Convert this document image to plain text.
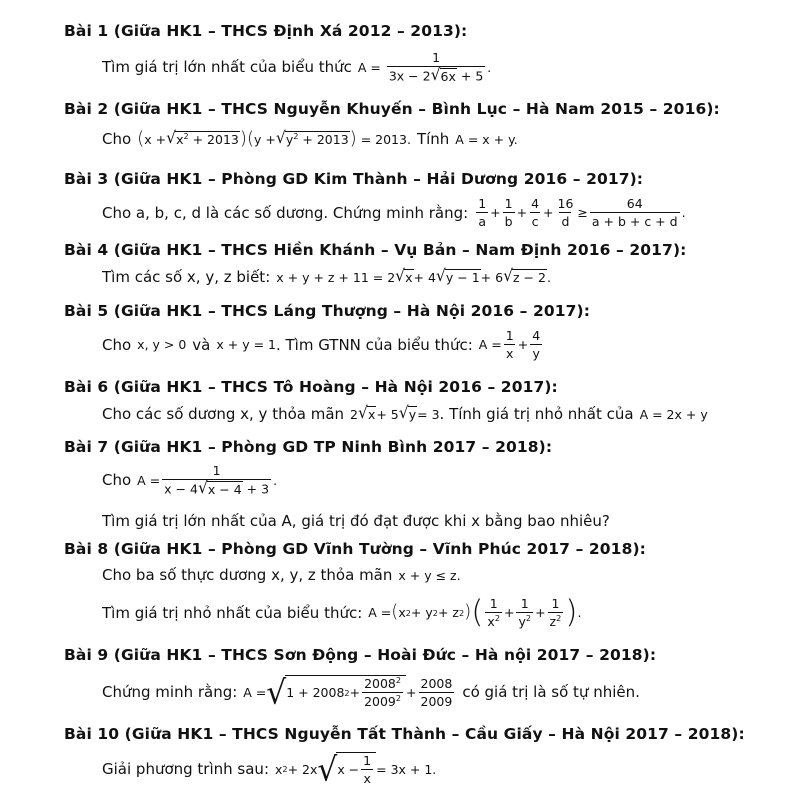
Bài 1 (Giữa HK1 – THCS Định Xá 2012 – 2013):
Tìm giá trị lớn nhất của biểu thức $A = \frac{1}{3x - 2 √ 6x + 5}$ .
Bài 2 (Giữa HK1 – THCS Nguyễn Khuyến – Bình Lục – Hà Nam 2015 – 2016):
Cho ( x + √ $x^2 + 2013$ ) ( y + √ $y^2 + 2013$ ) = 2013. Tính A = x + y.
Bài 3 (Giữa HK1 – Phòng GD Kim Thành – Hải Dương 2016 – 2017):
Cho a, b, c, d là các số dương. Chứng minh rằng: $\frac{1}{a} + \frac{1}{b} + \frac{4}{c} + \frac{16}{d} \ge \frac{64}{a + b + c + d}$ .
Bài 4 (Giữa HK1 – THCS Hiền Khánh – Vụ Bản – Nam Định 2016 – 2017):
Tìm các số x, y, z biết: x + y + z + 11 = 2 √ x + 4 √ y − 1 + 6 √ z − 2 .
Bài 5 (Giữa HK1 – THCS Láng Thượng – Hà Nội 2016 – 2017):
Cho x, y > 0 và x + y = 1 . Tìm GTNN của biểu thức: $A = \frac{1}{x} + \frac{4}{y}$
Bài 6 (Giữa HK1 – THCS Tô Hoàng – Hà Nội 2016 – 2017):
Cho các số dương x, y thỏa mãn 2 √ x + 5 √ y = 3 . Tính giá trị nhỏ nhất của A = 2x + y
Bài 7 (Giữa HK1 – Phòng GD TP Ninh Bình 2017 – 2018):
Cho $A = \frac{1}{x - 4 √ x - 4 + 3}$ .
Tìm giá trị lớn nhất của A, giá trị đó đạt được khi x bằng bao nhiêu?
Bài 8 (Giữa HK1 – Phòng GD Vĩnh Tường – Vĩnh Phúc 2017 – 2018):
Cho ba số thực dương x, y, z thỏa mãn x + y ≤ z.
Tìm giá trị nhỏ nhất của biểu thức: A = ( x 2 + y 2 + z 2 ) ( $\frac{1}{x^2} + \frac{1}{y^2} + \frac{1}{z^2}$ ) .
Bài 9 (Giữa HK1 – THCS Sơn Động – Hoài Đức – Hà nội 2017 – 2018):
Chứng minh rằng: A = √ 1 + 2008 $2 + \frac{2008^2}{2009^2} + \frac{2008}{2009}$ có giá trị là số tự nhiên.
Bài 10 (Giữa HK1 – THCS Nguyễn Tất Thành – Cầu Giấy – Hà Nội 2017 – 2018):
Giải phương trình sau: x 2 + 2x √ $x - \frac{1}{x} = 3x + 1$.
